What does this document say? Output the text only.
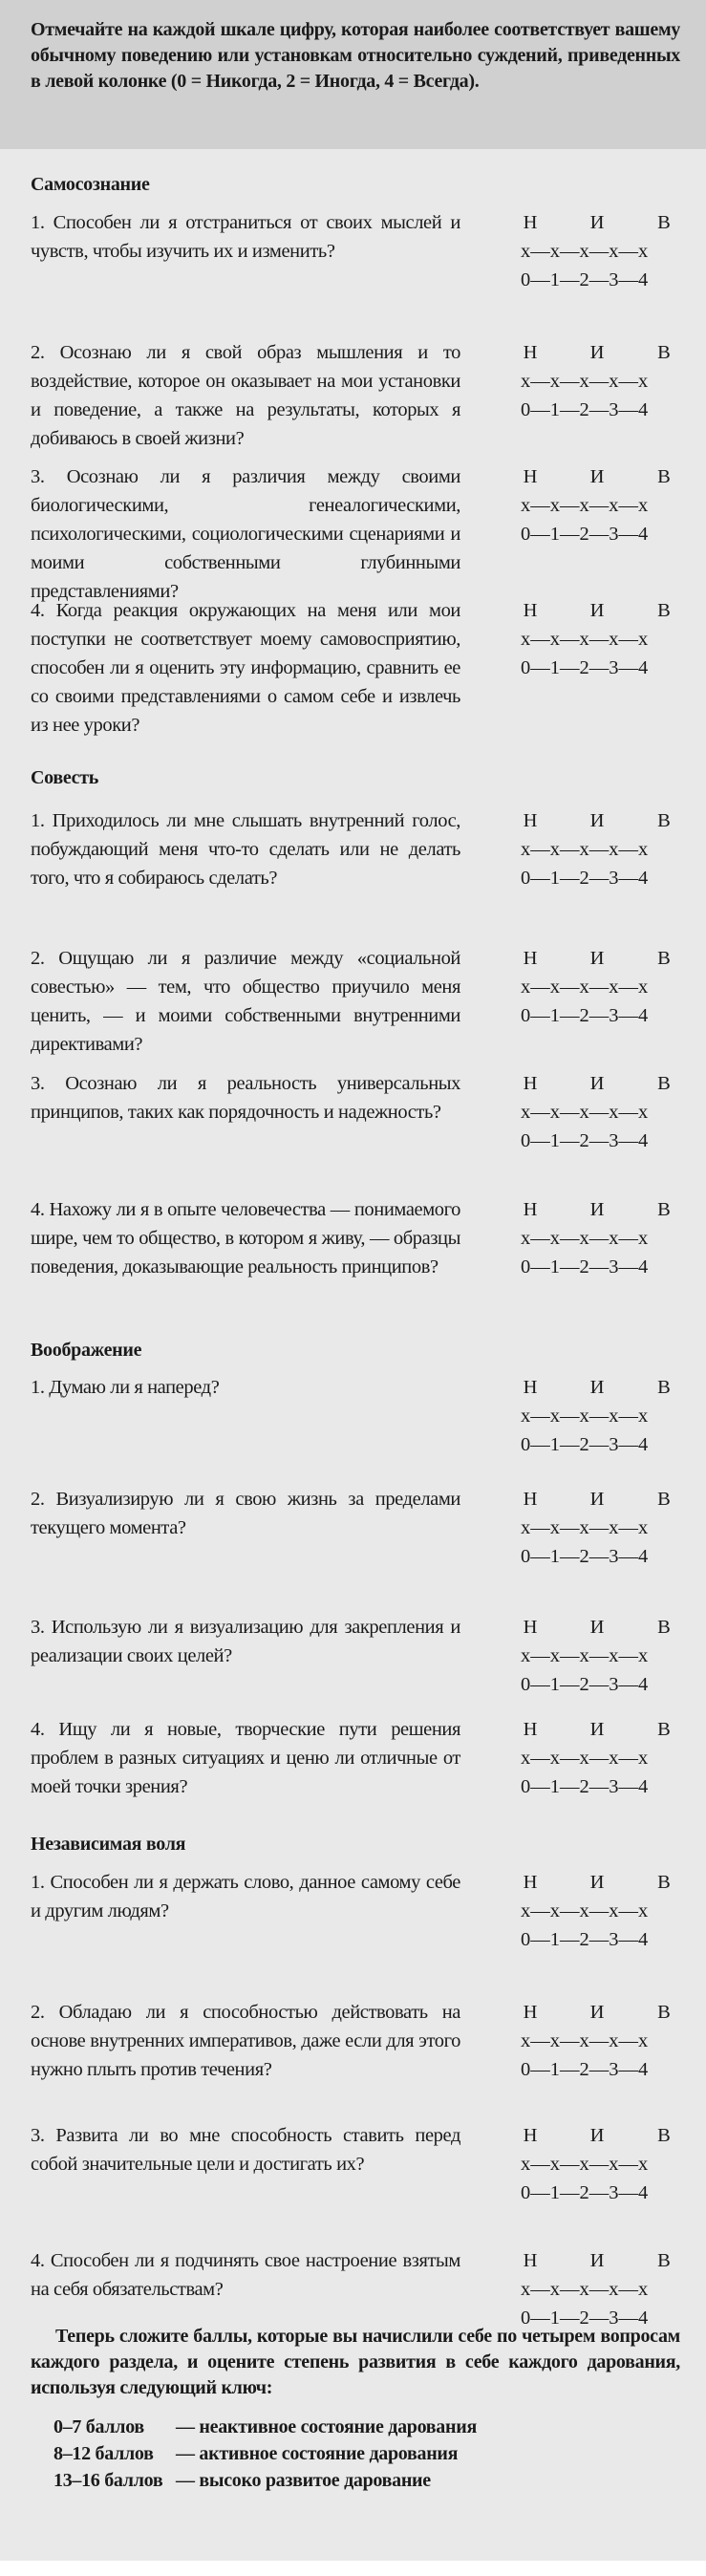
Отмечайте на каждой шкале цифру, которая наиболее соответствует вашему обычному поведению или установкам относительно суждений, приведенных в левой колонке (0 = Никогда, 2 = Иногда, 4 = Всегда).

Самосознание
1. Способен ли я отстраниться от своих мыслей и чувств, чтобы изучить их и изменить?
Н	И	В
х—х—х—х—х
0—1—2—3—4
2. Осознаю ли я свой образ мышления и то воздействие, которое он оказывает на мои установки и поведение, а также на результаты, которых я добиваюсь в своей жизни?
Н	И	В
х—х—х—х—х
0—1—2—3—4
3. Осознаю ли я различия между своими биологическими, генеалогическими, психологическими, социологическими сценариями и моими собственными глубинными представлениями?
Н	И	В
х—х—х—х—х
0—1—2—3—4
4. Когда реакция окружающих на меня или мои поступки не соответствует моему самовосприятию, способен ли я оценить эту информацию, сравнить ее со своими представлениями о самом себе и извлечь из нее уроки?
Н	И	В
х—х—х—х—х
0—1—2—3—4
Совесть
1. Приходилось ли мне слышать внутренний голос, побуждающий меня что-то сделать или не делать того, что я собираюсь сделать?
Н	И	В
х—х—х—х—х
0—1—2—3—4
2. Ощущаю ли я различие между «социальной совестью» — тем, что общество приучило меня ценить, — и моими собственными внутренними директивами?
Н	И	В
х—х—х—х—х
0—1—2—3—4
3. Осознаю ли я реальность универсальных принципов, таких как порядочность и надежность?
Н	И	В
х—х—х—х—х
0—1—2—3—4
4. Нахожу ли я в опыте человечества — понимаемого шире, чем то общество, в котором я живу, — образцы поведения, доказывающие реальность принципов?
Н	И	В
х—х—х—х—х
0—1—2—3—4
Воображение
1. Думаю ли я наперед?	Н	И	В
х—х—х—х—х
0—1—2—3—4
2. Визуализирую ли я свою жизнь за пределами текущего момента?
Н	И	В
х—х—х—х—х
0—1—2—3—4
3. Использую ли я визуализацию для закрепления и реализации своих целей?
Н	И	В
х—х—х—х—х
0—1—2—3—4
4. Ищу ли я новые, творческие пути решения проблем в разных ситуациях и ценю ли отличные от моей точки зрения?
Н	И	В
х—х—х—х—х
0—1—2—3—4
Независимая воля
1. Способен ли я держать слово, данное самому себе и другим людям?
Н	И	В
х—х—х—х—х
0—1—2—3—4
2. Обладаю ли я способностью действовать на основе внутренних императивов, даже если для этого нужно плыть против течения?
Н	И	В
х—х—х—х—х
0—1—2—3—4
3. Развита ли во мне способность ставить перед собой значительные цели и достигать их?
Н	И	В
х—х—х—х—х
0—1—2—3—4
4. Способен ли я подчинять свое настроение взятым на себя обязательствам?
Н	И	В
х—х—х—х—х
0—1—2—3—4

Теперь сложите баллы, которые вы начислили себе по четырем вопросам каждого раздела, и оцените степень развития в себе каждого дарования, используя следующий ключ:

0–7 баллов	— неактивное состояние дарования
8–12 баллов	— активное состояние дарования
13–16 баллов — высоко развитое дарование
